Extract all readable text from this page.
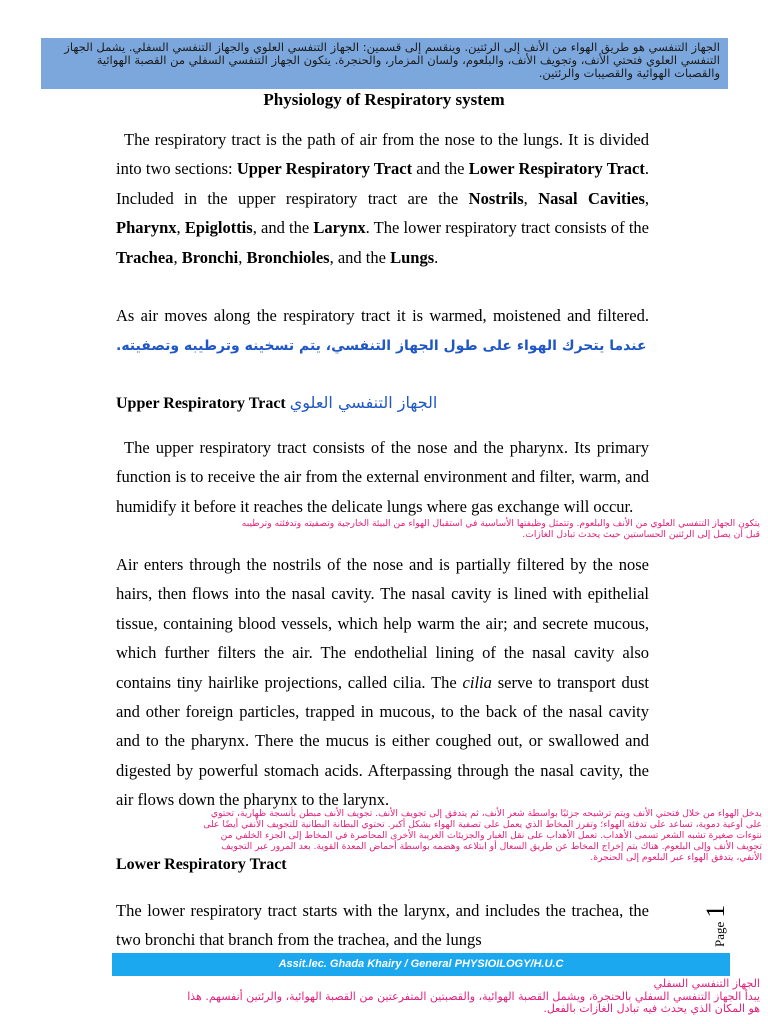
الجهاز التنفسي هو طريق الهواء من الأنف إلى الرئتين. وينقسم إلى قسمين: الجهاز التنفسي العلوي والجهاز التنفسي السفلي. يشمل الجهاز التنفسي العلوي فتحتي الأنف، وتجويف الأنف، والبلعوم، ولسان المزمار، والحنجرة. يتكون الجهاز التنفسي السفلي من القصبة الهوائية والقصبات الهوائية والقصيبات والرئتين.
Physiology of Respiratory system

The respiratory tract is the path of air from the nose to the lungs. It is divided into two sections: Upper Respiratory Tract and the Lower Respiratory Tract. Included in the upper respiratory tract are the Nostrils, Nasal Cavities, Pharynx, Epiglottis, and the Larynx. The lower respiratory tract consists of the Trachea, Bronchi, Bronchioles, and the Lungs.

As air moves along the respiratory tract it is warmed, moistened and filtered. عندما يتحرك الهواء على طول الجهاز التنفسي، يتم تسخينه وترطيبه وتصفيته.

Upper Respiratory Tract الجهاز التنفسي العلوي

The upper respiratory tract consists of the nose and the pharynx. Its primary function is to receive the air from the external environment and filter, warm, and humidify it before it reaches the delicate lungs where gas exchange will occur.

يتكون الجهاز التنفسي العلوي من الأنف والبلعوم. وتتمثل وظيفتها الأساسية في استقبال الهواء من البيئة الخارجية وتصفيته وتدفئته وترطيبه قبل أن يصل إلى الرئتين الحساستين حيث يحدث تبادل الغازات.

Air enters through the nostrils of the nose and is partially filtered by the nose hairs, then flows into the nasal cavity. The nasal cavity is lined with epithelial tissue, containing blood vessels, which help warm the air; and secrete mucous, which further filters the air. The endothelial lining of the nasal cavity also contains tiny hairlike projections, called cilia. The cilia serve to transport dust and other foreign particles, trapped in mucous, to the back of the nasal cavity and to the pharynx. There the mucus is either coughed out, or swallowed and digested by powerful stomach acids. Afterpassing through the nasal cavity, the air flows down the pharynx to the larynx.

يدخل الهواء من خلال فتحتي الأنف ويتم ترشيحه جزئيًا بواسطة شعر الأنف، ثم يتدفق إلى تجويف الأنف. تجويف الأنف مبطن بأنسجة ظهارية، تحتوي على أوعية دموية، تساعد على تدفئة الهواء؛ وتفرز المخاط الذي يعمل على تصفية الهواء بشكل أكبر. تحتوي البطانة البطانية للتجويف الأنفي أيضًا على نتوءات صغيرة تشبه الشعر تسمى الأهداب. تعمل الأهداب على نقل الغبار والجزيئات الغريبة الأخرى المحاصرة في المخاط إلى الجزء الخلفي من تجويف الأنف وإلى البلعوم. هناك يتم إخراج المخاط عن طريق السعال أو ابتلاعه وهضمه بواسطة أحماض المعدة القوية. بعد المرور عبر التجويف الأنفي، يتدفق الهواء عبر البلعوم إلى الحنجرة.
Lower Respiratory Tract

The lower respiratory tract starts with the larynx, and includes the trachea, the two bronchi that branch from the trachea, and the lungs	Page 1
Assit.lec. Ghada Khairy / General PHYSIOILOGY/H.U.C
الجهاز التنفسي السفلي
يبدأ الجهاز التنفسي السفلي بالحنجرة، ويشمل القصبة الهوائية، والقصبتين المتفرعتين من القصبة الهوائية، والرئتين أنفسهم. هذا هو المكان الذي يحدث فيه تبادل الغازات بالفعل.
